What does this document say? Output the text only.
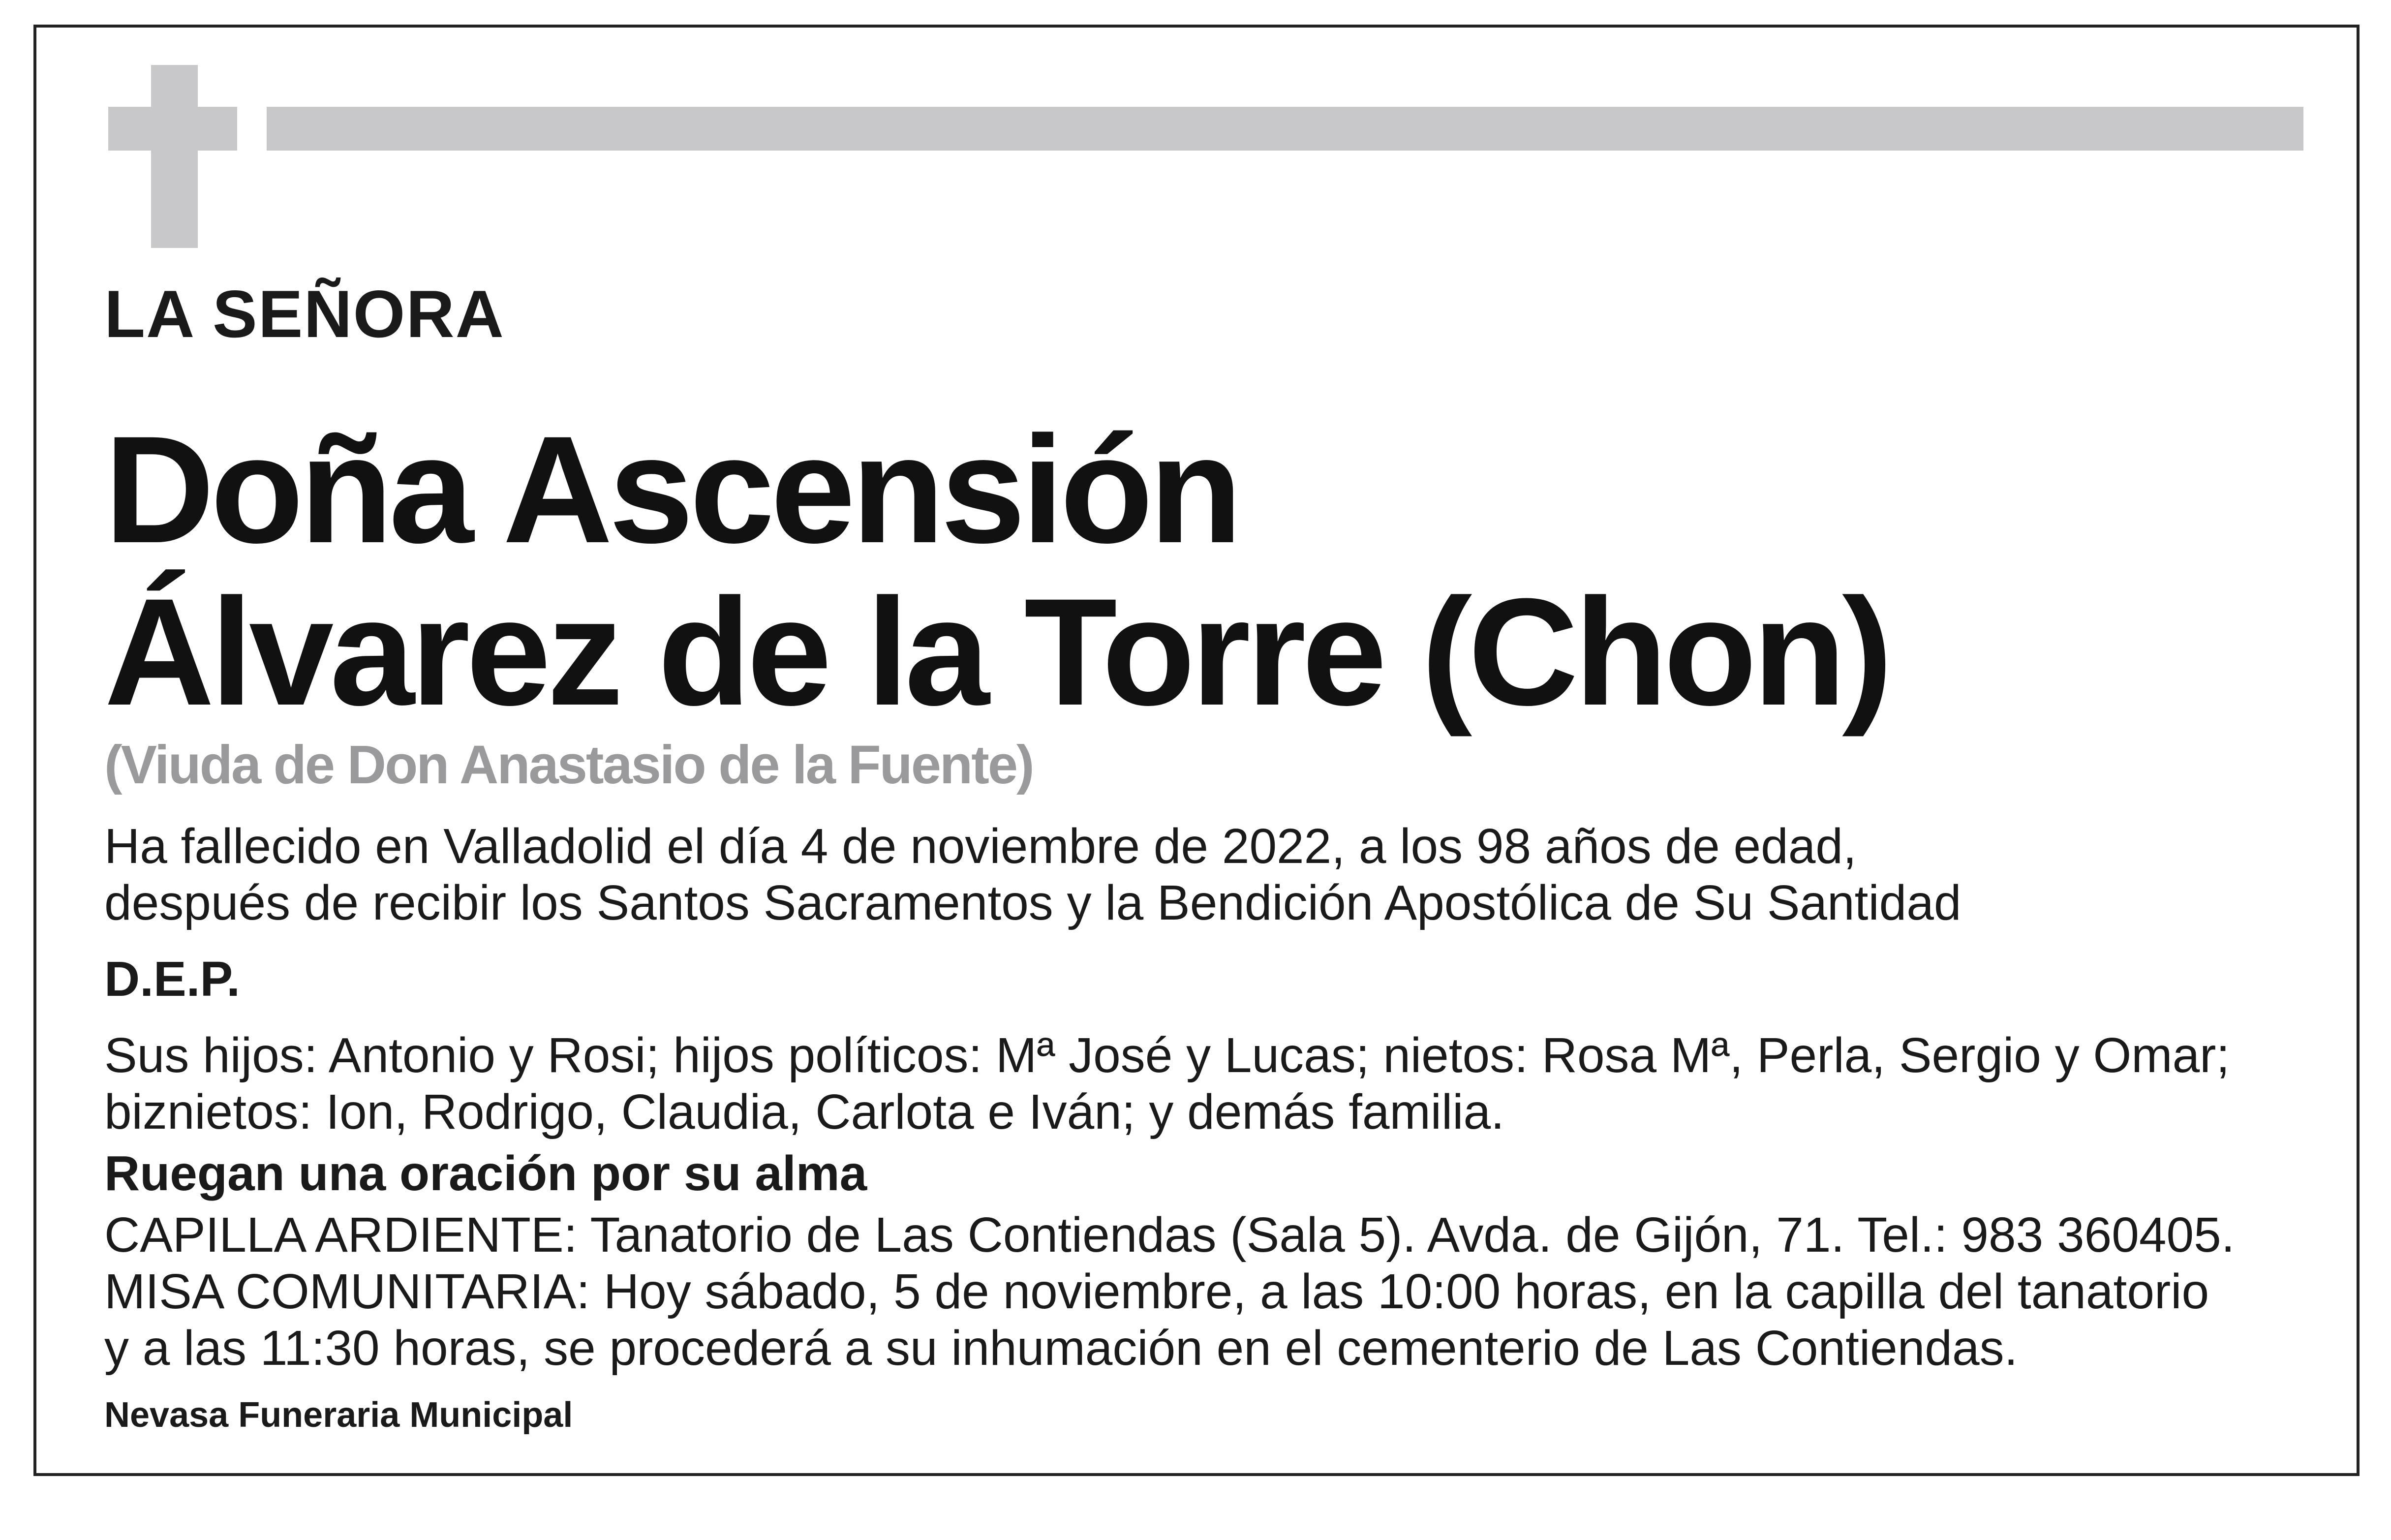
LA SEÑORA

Doña Ascensión

Álvarez de la Torre (Chon)

(Viuda de Don Anastasio de la Fuente)

Ha fallecido en Valladolid el día 4 de noviembre de 2022, a los 98 años de edad,

después de recibir los Santos Sacramentos y la Bendición Apostólica de Su Santidad

D.E.P.

Sus hijos: Antonio y Rosi; hijos políticos: Mª José y Lucas; nietos: Rosa Mª, Perla, Sergio y Omar;

biznietos: Ion, Rodrigo, Claudia, Carlota e Iván; y demás familia.

Ruegan una oración por su alma

CAPILLA ARDIENTE: Tanatorio de Las Contiendas (Sala 5). Avda. de Gijón, 71. Tel.: 983 360405.

MISA COMUNITARIA: Hoy sábado, 5 de noviembre, a las 10:00 horas, en la capilla del tanatorio

y a las 11:30 horas, se procederá a su inhumación en el cementerio de Las Contiendas.

Nevasa Funeraria Municipal
